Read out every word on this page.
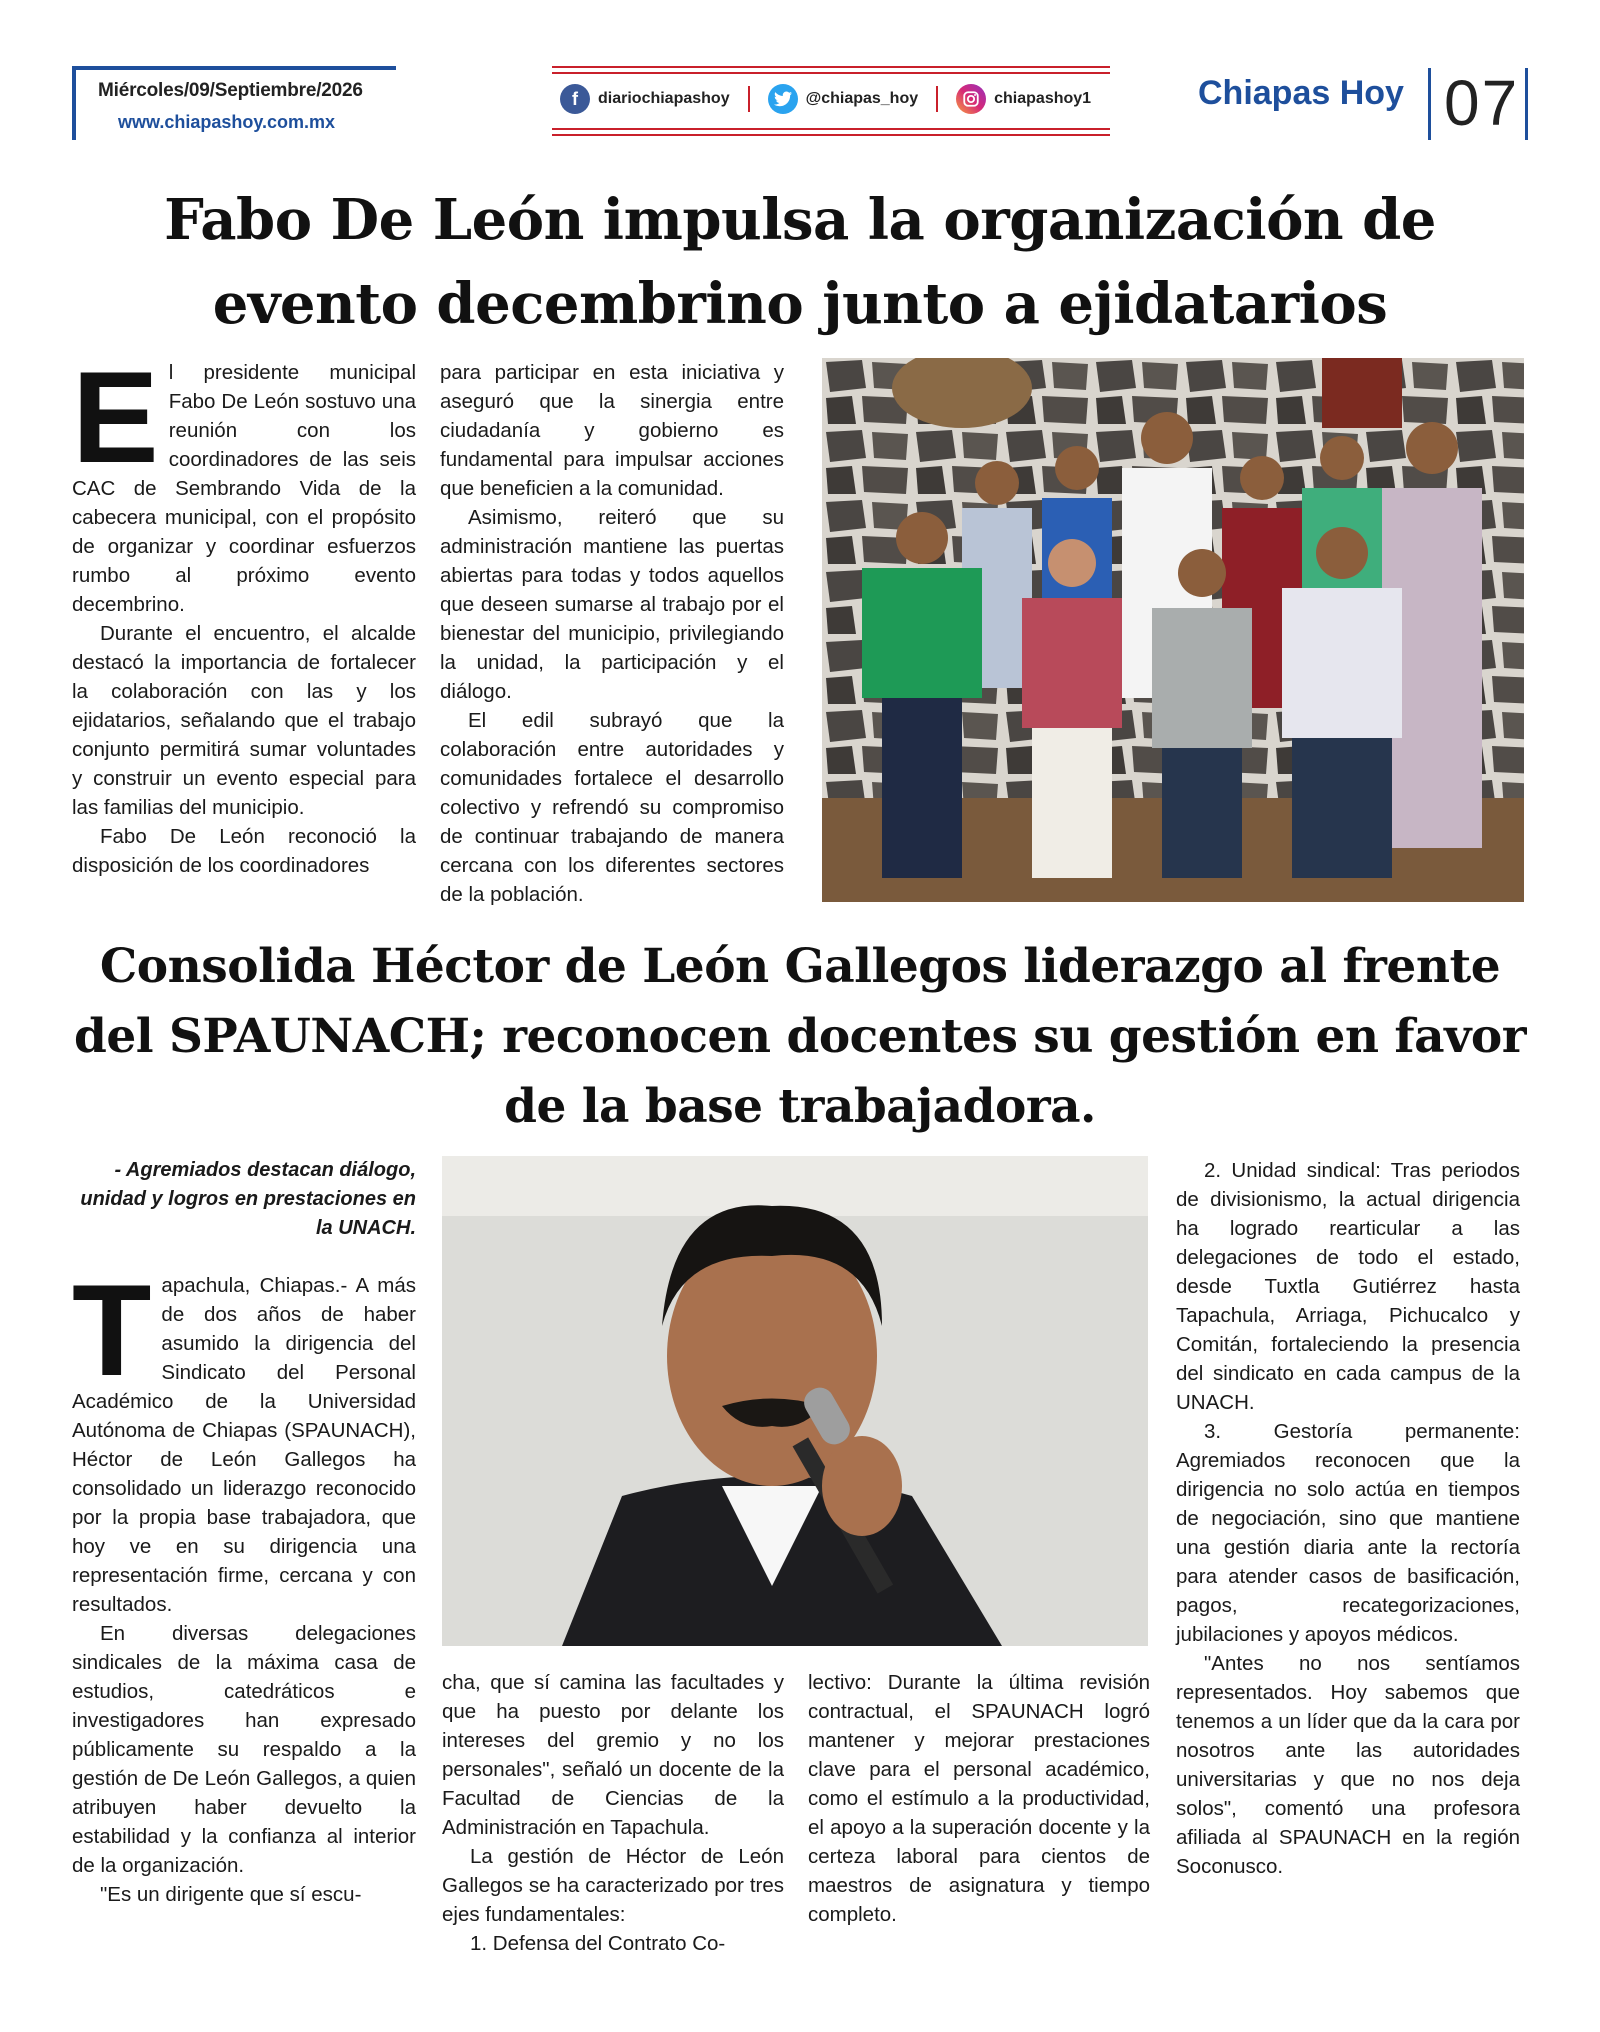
Miércoles/09/Septiembre/2026
www.chiapashoy.com.mx
f	diariochiapashoy	@chiapas_hoy	chiapashoy1	Chiapas Hoy 07
Fabo De León impulsa la organización de evento decembrino junto a ejidatarios
E l presidente municipal Fabo De León sostuvo una reunión con los coordinadores de las seis CAC de Sembrando Vida de la cabecera municipal, con el propósito de organizar y coordinar esfuerzos rumbo al próximo evento decembrino.

Durante el encuentro, el alcalde destacó la importancia de fortalecer la colaboración con las y los ejidatarios, señalando que el trabajo conjunto permitirá sumar voluntades y construir un evento especial para las familias del municipio.

Fabo De León reconoció la disposición de los coordinadores

para participar en esta iniciativa y aseguró que la sinergia entre ciudadanía y gobierno es fundamental para impulsar acciones que beneficien a la comunidad.

Asimismo, reiteró que su administración mantiene las puertas abiertas para todas y todos aquellos que deseen sumarse al trabajo por el bienestar del municipio, privilegiando la unidad, la participación y el diálogo.

El edil subrayó que la colaboración entre autoridades y comunidades fortalece el desarrollo colectivo y refrendó su compromiso de continuar trabajando de manera cercana con los diferentes sectores de la población.

Consolida Héctor de León Gallegos liderazgo al frente del SPAUNACH; reconocen docentes su gestión en favor de la base trabajadora.
- Agremiados destacan diálogo, unidad y logros en prestaciones en la UNACH.
T apachula, Chiapas.- A más de dos años de haber asumido la dirigencia del Sindicato del Personal Académico de la Universidad Autónoma de Chiapas (SPAUNACH), Héctor de León Gallegos ha consolidado un liderazgo reconocido por la propia base trabajadora, que hoy ve en su dirigencia una representación firme, cercana y con resultados.

En diversas delegaciones sindicales de la máxima casa de estudios, catedráticos e investigadores han expresado públicamente su respaldo a la gestión de De León Gallegos, a quien atribuyen haber devuelto la estabilidad y la confianza al interior de la organización.

"Es un dirigente que sí escu-

cha, que sí camina las facultades y que ha puesto por delante los intereses del gremio y no los personales", señaló un docente de la Facultad de Ciencias de la Administración en Tapachula.

La gestión de Héctor de León Gallegos se ha caracterizado por tres ejes fundamentales:

1. Defensa del Contrato Co-

lectivo: Durante la última revisión contractual, el SPAUNACH logró mantener y mejorar prestaciones clave para el personal académico, como el estímulo a la productividad, el apoyo a la superación docente y la certeza laboral para cientos de maestros de asignatura y tiempo completo.

2. Unidad sindical: Tras periodos de divisionismo, la actual dirigencia ha logrado rearticular a las delegaciones de todo el estado, desde Tuxtla Gutiérrez hasta Tapachula, Arriaga, Pichucalco y Comitán, fortaleciendo la presencia del sindicato en cada campus de la UNACH.

3. Gestoría permanente: Agremiados reconocen que la dirigencia no solo actúa en tiempos de negociación, sino que mantiene una gestión diaria ante la rectoría para atender casos de basificación, pagos, recategorizaciones, jubilaciones y apoyos médicos.

"Antes no nos sentíamos representados. Hoy sabemos que tenemos a un líder que da la cara por nosotros ante las autoridades universitarias y que no nos deja solos", comentó una profesora afiliada al SPAUNACH en la región Soconusco.
